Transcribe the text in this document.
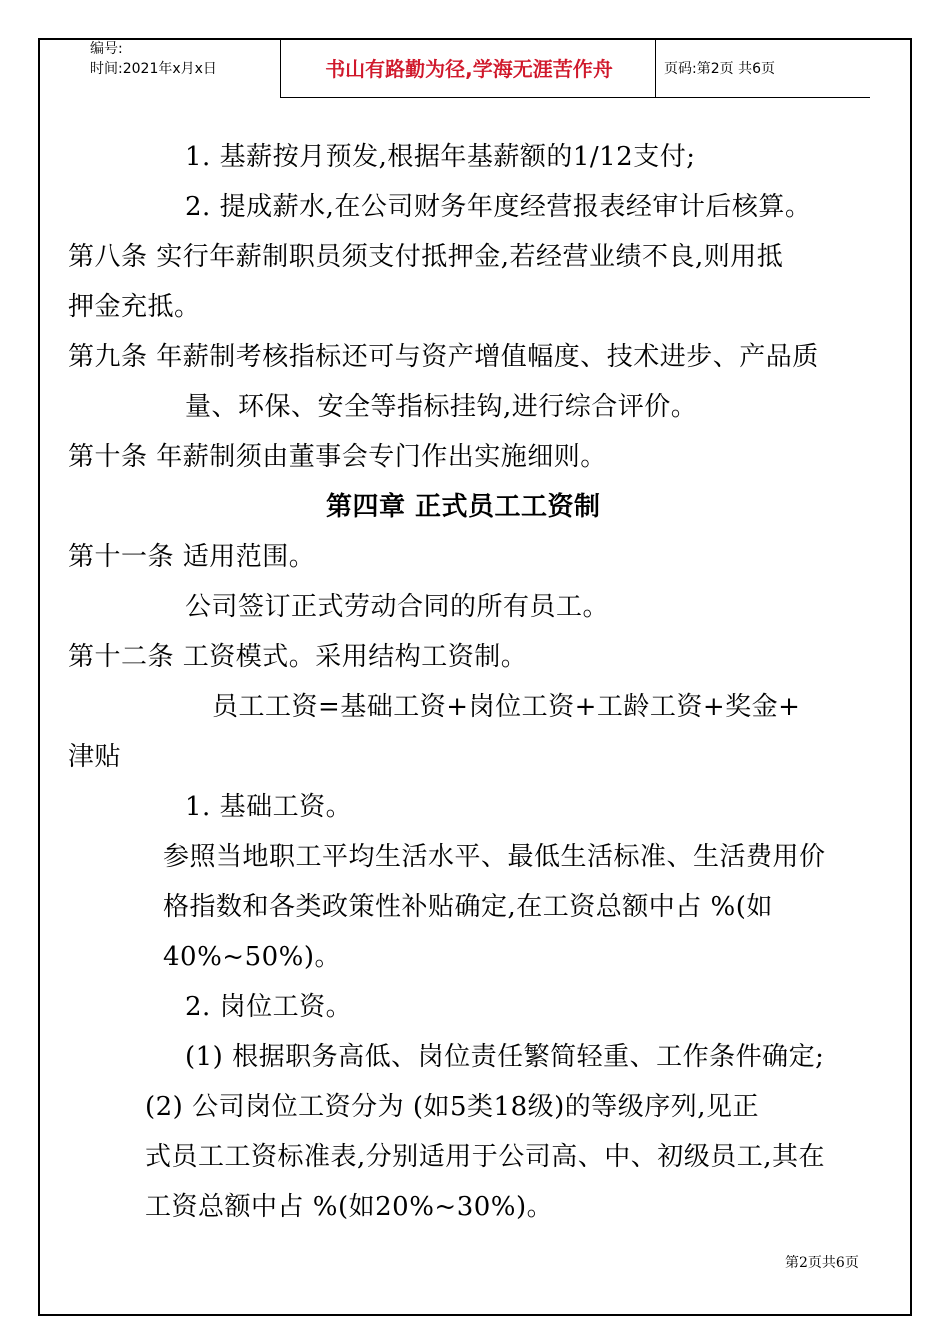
编号:
时间:2021年x月x日	书山有路勤为径,学海无涯苦作舟	页码:第2页 共6页
1. 基薪按月预发,根据年基薪额的1/12支付;
2. 提成薪水,在公司财务年度经营报表经审计后核算。
第八条 实行年薪制职员须支付抵押金,若经营业绩不良,则用抵
押金充抵。
第九条 年薪制考核指标还可与资产增值幅度、技术进步、产品质
量、环保、安全等指标挂钩,进行综合评价。
第十条 年薪制须由董事会专门作出实施细则。
第四章 正式员工工资制
第十一条 适用范围。
公司签订正式劳动合同的所有员工。
第十二条 工资模式。采用结构工资制。
员工工资=基础工资+岗位工资+工龄工资+奖金+
津贴
1. 基础工资。
参照当地职工平均生活水平、最低生活标准、生活费用价
格指数和各类政策性补贴确定,在工资总额中占 %(如
40%~50%)。
2. 岗位工资。
(1) 根据职务高低、岗位责任繁简轻重、工作条件确定;
(2) 公司岗位工资分为 (如5类18级)的等级序列,见正
式员工工资标准表,分别适用于公司高、中、初级员工,其在
工资总额中占 %(如20%~30%)。
第2页共6页
